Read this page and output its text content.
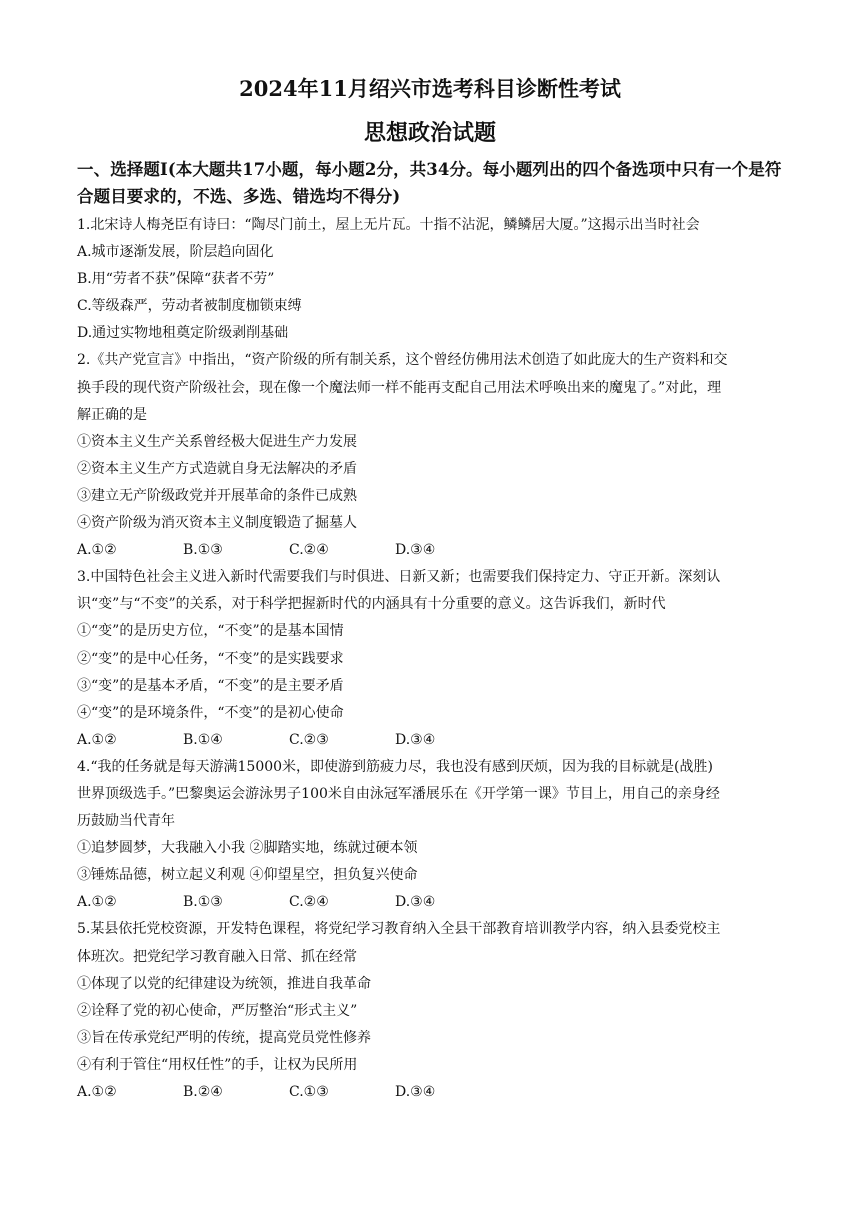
2024年11月绍兴市选考科目诊断性考试
思想政治试题
一、选择题Ⅰ(本大题共17小题，每小题2分，共34分。每小题列出的四个备选项中只有一个是符合题目要求的，不选、多选、错选均不得分)
1.北宋诗人梅尧臣有诗曰：“陶尽门前土，屋上无片瓦。十指不沾泥，鳞鳞居大厦。”这揭示出当时社会
A.城市逐渐发展，阶层趋向固化
B.用“劳者不获”保障“获者不劳”
C.等级森严，劳动者被制度枷锁束缚
D.通过实物地租奠定阶级剥削基础
2.《共产党宣言》中指出，“资产阶级的所有制关系，这个曾经仿佛用法术创造了如此庞大的生产资料和交
换手段的现代资产阶级社会，现在像一个魔法师一样不能再支配自己用法术呼唤出来的魔鬼了。”对此，理
解正确的是
①资本主义生产关系曾经极大促进生产力发展
②资本主义生产方式造就自身无法解决的矛盾
③建立无产阶级政党并开展革命的条件已成熟
④资产阶级为消灭资本主义制度锻造了掘墓人
A.①②	B.①③	C.②④	D.③④
3.中国特色社会主义进入新时代需要我们与时俱进、日新又新；也需要我们保持定力、守正开新。深刻认
识“变”与“不变”的关系，对于科学把握新时代的内涵具有十分重要的意义。这告诉我们，新时代
①“变”的是历史方位，“不变”的是基本国情
②“变”的是中心任务，“不变”的是实践要求
③“变”的是基本矛盾，“不变”的是主要矛盾
④“变”的是环境条件，“不变”的是初心使命
A.①②	B.①④	C.②③	D.③④
4.“我的任务就是每天游满15000米，即使游到筋疲力尽，我也没有感到厌烦，因为我的目标就是(战胜)
世界顶级选手。”巴黎奥运会游泳男子100米自由泳冠军潘展乐在《开学第一课》节目上，用自己的亲身经
历鼓励当代青年
①追梦圆梦，大我融入小我 ②脚踏实地，练就过硬本领
③锤炼品德，树立起义利观 ④仰望星空，担负复兴使命
A.①②	B.①③	C.②④	D.③④
5.某县依托党校资源，开发特色课程，将党纪学习教育纳入全县干部教育培训教学内容，纳入县委党校主
体班次。把党纪学习教育融入日常、抓在经常
①体现了以党的纪律建设为统领，推进自我革命
②诠释了党的初心使命，严厉整治“形式主义”
③旨在传承党纪严明的传统，提高党员党性修养
④有利于管住“用权任性”的手，让权为民所用
A.①②	B.②④	C.①③	D.③④
